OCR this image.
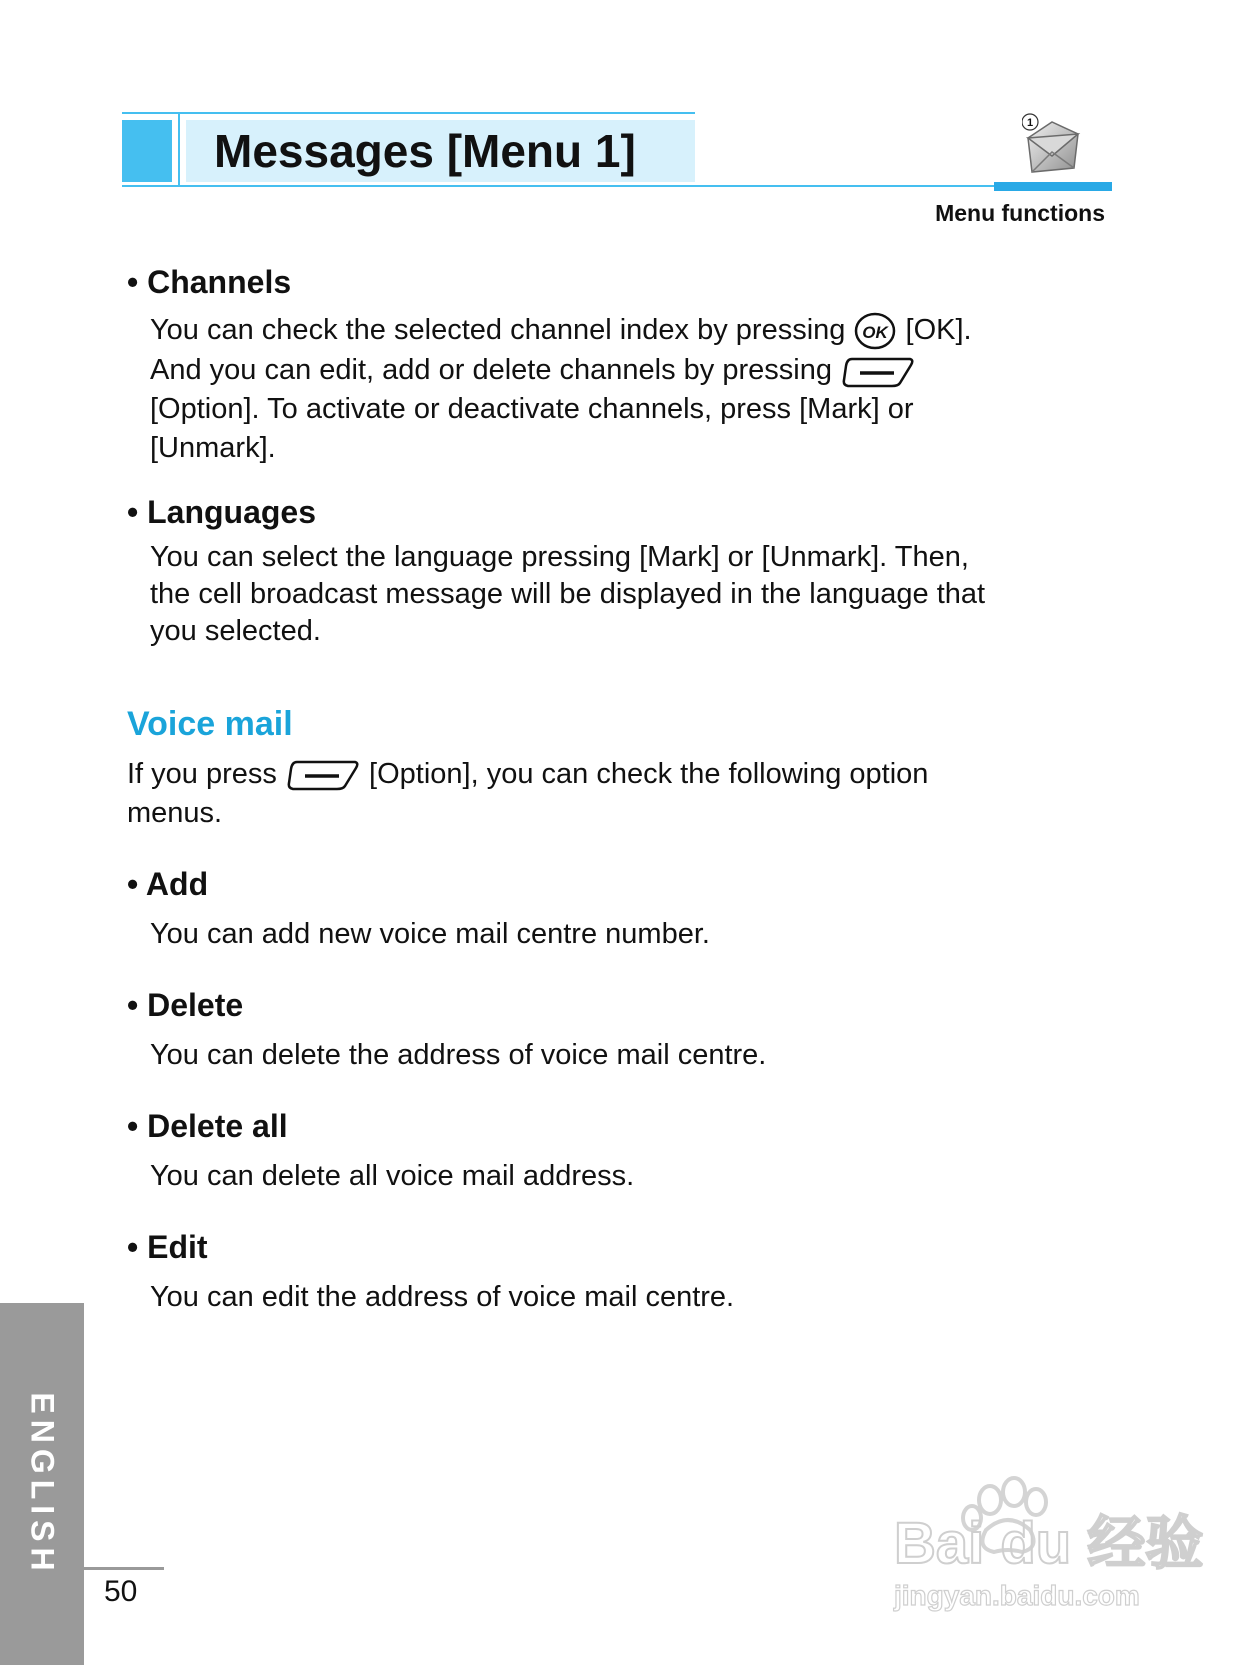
Messages [Menu 1]
1
Menu functions
• Channels
You can check the selected channel index by pressing OK [OK].
And you can edit, add or delete channels by pressing
[Option]. To activate or deactivate channels, press [Mark] or
[Unmark].
• Languages
You can select the language pressing [Mark] or [Unmark]. Then,
the cell broadcast message will be displayed in the language that
you selected.
Voice mail
If you press	[Option], you can check the following option
menus.
• Add
You can add new voice mail centre number.
• Delete
You can delete the address of voice mail centre.
• Delete all
You can delete all voice mail address.
• Edit
You can edit the address of voice mail centre.
ENGLISH
50
Bai du 经验
jingyan.baidu.com
